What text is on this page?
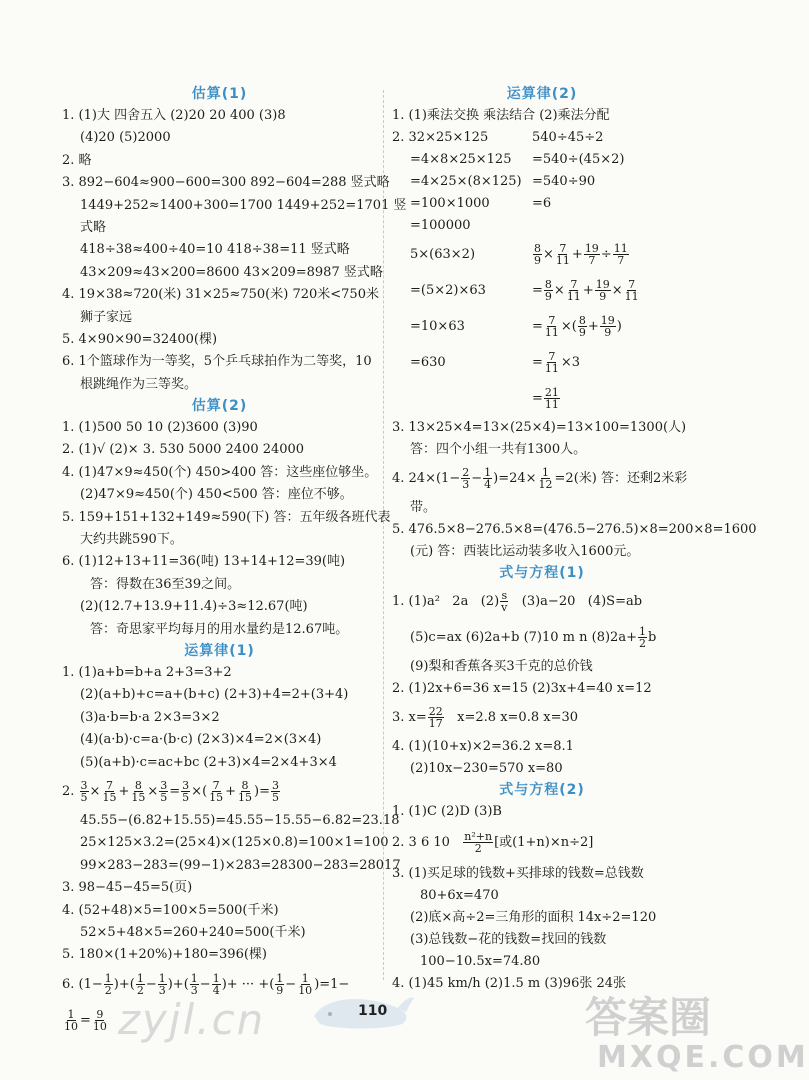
估算(1)
1. (1)大 四舍五入 (2)20 20 400 (3)8
(4)20 (5)2000
2. 略
3. 892−604≈900−600=300 892−604=288 竖式略
1449+252≈1400+300=1700 1449+252=1701 竖
式略
418÷38≈400÷40=10 418÷38=11 竖式略
43×209≈43×200=8600 43×209=8987 竖式略
4. 19×38≈720(米) 31×25≈750(米) 720米<750米
狮子家远
5. 4×90×90=32400(棵)
6. 1个篮球作为一等奖，5个乒乓球拍作为二等奖，10
根跳绳作为三等奖。
估算(2)
1. (1)500 50 10 (2)3600 (3)90
2. (1)√ (2)× 3. 530 5000 2400 24000
4. (1)47×9≈450(个) 450>400 答：这些座位够坐。
(2)47×9≈450(个) 450<500 答：座位不够。
5. 159+151+132+149≈590(下) 答：五年级各班代表
大约共跳590下。
6. (1)12+13+11=36(吨) 13+14+12=39(吨)
答：得数在36至39之间。
(2)(12.7+13.9+11.4)÷3≈12.67(吨)
答：奇思家平均每月的用水量约是12.67吨。
运算律(1)
1. (1)a+b=b+a 2+3=3+2
(2)(a+b)+c=a+(b+c) (2+3)+4=2+(3+4)
(3)a·b=b·a 2×3=3×2
(4)(a·b)·c=a·(b·c) (2×3)×4=2×(3×4)
(5)(a+b)·c=ac+bc (2+3)×4=2×4+3×4
2. $\frac{3}{5} \times \frac{7}{15} + \frac{8}{15} \times \frac{3}{5} = \frac{3}{5}$ ×( $\frac{7}{15} + \frac{8}{15}$ )= $\frac{3}{5}$
45.55−(6.82+15.55)=45.55−15.55−6.82=23.18
25×125×3.2=(25×4)×(125×0.8)=100×1=100
99×283−283=(99−1)×283=28300−283=28017
3. 98−45−45=5(页)
4. (52+48)×5=100×5=500(千米)
52×5+48×5=260+240=500(千米)
5. 180×(1+20%)+180=396(棵)
6. ($1- \frac{1}{2}$ )+( $\frac{1}{2} - \frac{1}{3}$ )+( $\frac{1}{3} - \frac{1}{4}$ )+ ··· +( $\frac{1}{9} - \frac{1}{10} )=1-$
$\frac{1}{10} = \frac{9}{10}$
运算律(2)
1. (1)乘法交换 乘法结合 (2)乘法分配
2. 32×25×125	540÷45÷2
=4×8×25×125 =540÷(45×2)
=4×25×(8×125) =540÷90
=100×1000	=6
=100000
5×(63×2)	$\frac{8}{9} \times \frac{7}{11} + \frac{19}{7} \div \frac{11}{7}$
=(5×2)×63	= $\frac{8}{9} \times \frac{7}{11} + \frac{19}{9} \times \frac{7}{11}$
=10×63	= $\frac{7}{11}$ ×( $\frac{8}{9} + \frac{19}{9}$ )
=630	= $\frac{7}{11} \times 3$
= $\frac{21}{11}$
3. 13×25×4=13×(25×4)=13×100=1300(人)
答：四个小组一共有1300人。
4. $24\times(1- \frac{2}{3} - \frac{1}{4} )=24\times \frac{1}{12} =2$(米) 答：还剩2米彩
带。
5. 476.5×8−276.5×8=(476.5−276.5)×8=200×8=1600
(元) 答：西装比运动装多收入1600元。
式与方程(1)
1. (1)a²   2a   $(2) \frac{s}{v} (3)a-20$   (4)S=ab
(5)c=ax (6)2a+b (7)10 m n $(8)2a+ \frac{1}{2}$ b
(9)梨和香蕉各买3千克的总价钱
2. (1)2x+6=36 x=15 (2)3x+4=40 x=12
3. $x= \frac{22}{17} x=2.8$ x=0.8 x=30
4. (1)(10+x)×2=36.2 x=8.1
(2)10x−230=570 x=80
式与方程(2)
1. (1)C (2)D (3)B
2. 3 6 $10 \frac{\text{n²+n}}{2}$ [或(1+n)×n÷2]
3. (1)买足球的钱数+买排球的钱数=总钱数
80+6x=470
(2)底×高÷2=三角形的面积 14x÷2=120
(3)总钱数−花的钱数=找回的钱数
100−10.5x=74.80
4. (1)45 km/h (2)1.5 m (3)96张 24张
zyjl.cn	110	答案圈
MXQE.COM
